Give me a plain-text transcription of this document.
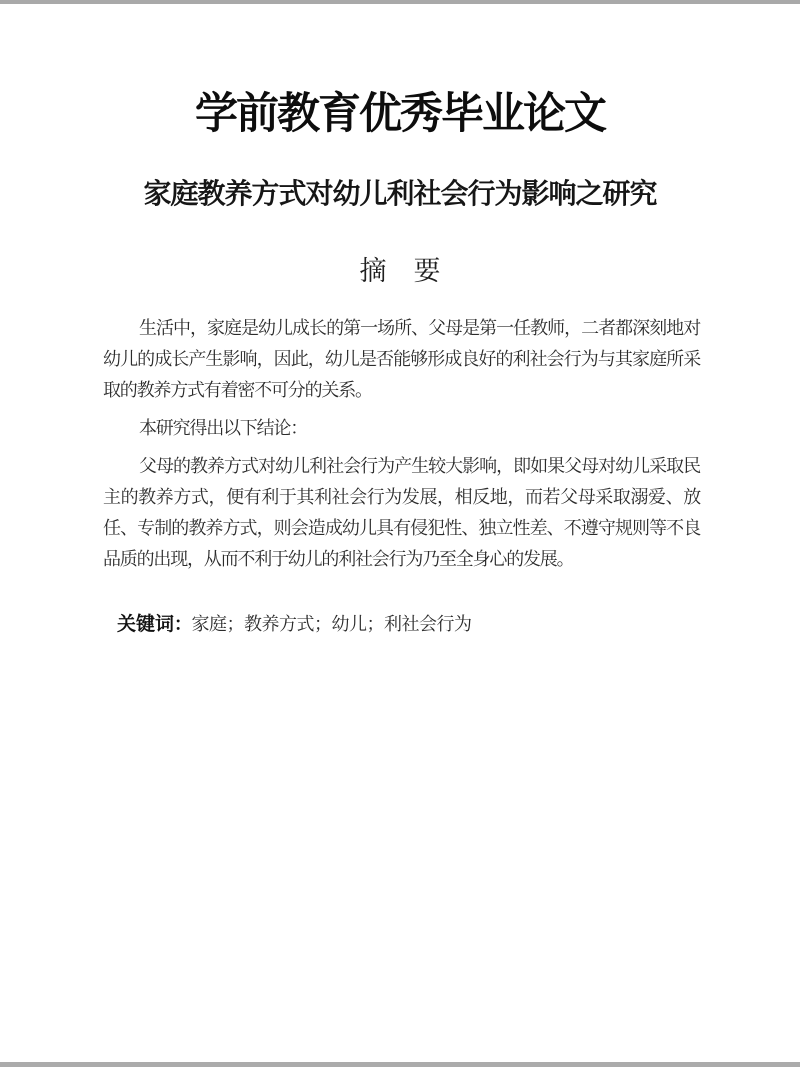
学前教育优秀毕业论文
家庭教养方式对幼儿利社会行为影响之研究
摘　要

生活中，家庭是幼儿成长的第一场所、父母是第一任教师，二者都深刻地对幼儿的成长产生影响，因此，幼儿是否能够形成良好的利社会行为与其家庭所采取的教养方式有着密不可分的关系。

本研究得出以下结论：

父母的教养方式对幼儿利社会行为产生较大影响，即如果父母对幼儿采取民主的教养方式，便有利于其利社会行为发展，相反地，而若父母采取溺爱、放任、专制的教养方式，则会造成幼儿具有侵犯性、独立性差、不遵守规则等不良品质的出现，从而不利于幼儿的利社会行为乃至全身心的发展。

关键词：家庭；教养方式；幼儿；利社会行为
